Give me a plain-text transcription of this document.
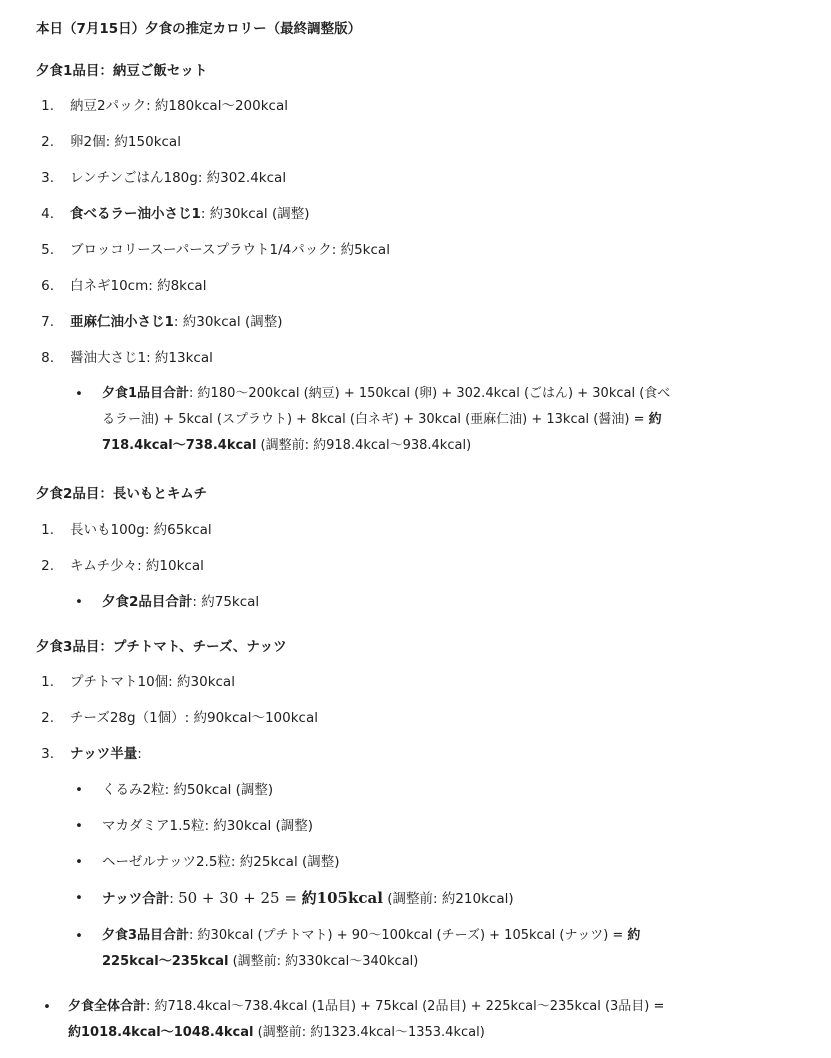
本日（7月15日）夕食の推定カロリー（最終調整版）
夕食1品目：納豆ご飯セット
1. 納豆2パック: 約180kcal〜200kcal
2. 卵2個: 約150kcal
3. レンチンごはん180g: 約302.4kcal
4. 食べるラー油小さじ1: 約30kcal (調整)
5. ブロッコリースーパースプラウト1/4パック: 約5kcal
6. 白ネギ10cm: 約8kcal
7. 亜麻仁油小さじ1: 約30kcal (調整)
8. 醤油大さじ1: 約13kcal
• 夕食1品目合計: 約180〜200kcal (納豆) + 150kcal (卵) + 302.4kcal (ごはん) + 30kcal (食べ
るラー油) + 5kcal (スプラウト) + 8kcal (白ネギ) + 30kcal (亜麻仁油) + 13kcal (醤油) = 約
718.4kcal〜738.4kcal (調整前: 約918.4kcal〜938.4kcal)
夕食2品目：長いもとキムチ
1. 長いも100g: 約65kcal
2. キムチ少々: 約10kcal
• 夕食2品目合計: 約75kcal
夕食3品目：プチトマト、チーズ、ナッツ
1. プチトマト10個: 約30kcal
2. チーズ28g（1個）: 約90kcal〜100kcal
3. ナッツ半量:
• くるみ2粒: 約50kcal (調整)
• マカダミア1.5粒: 約30kcal (調整)
• ヘーゼルナッツ2.5粒: 約25kcal (調整)
• ナッツ合計: 50 + 30 + 25 = 約105kcal (調整前: 約210kcal)
• 夕食3品目合計: 約30kcal (プチトマト) + 90〜100kcal (チーズ) + 105kcal (ナッツ) = 約
225kcal〜235kcal (調整前: 約330kcal〜340kcal)
• 夕食全体合計: 約718.4kcal〜738.4kcal (1品目) + 75kcal (2品目) + 225kcal〜235kcal (3品目) =
約1018.4kcal〜1048.4kcal (調整前: 約1323.4kcal〜1353.4kcal)
